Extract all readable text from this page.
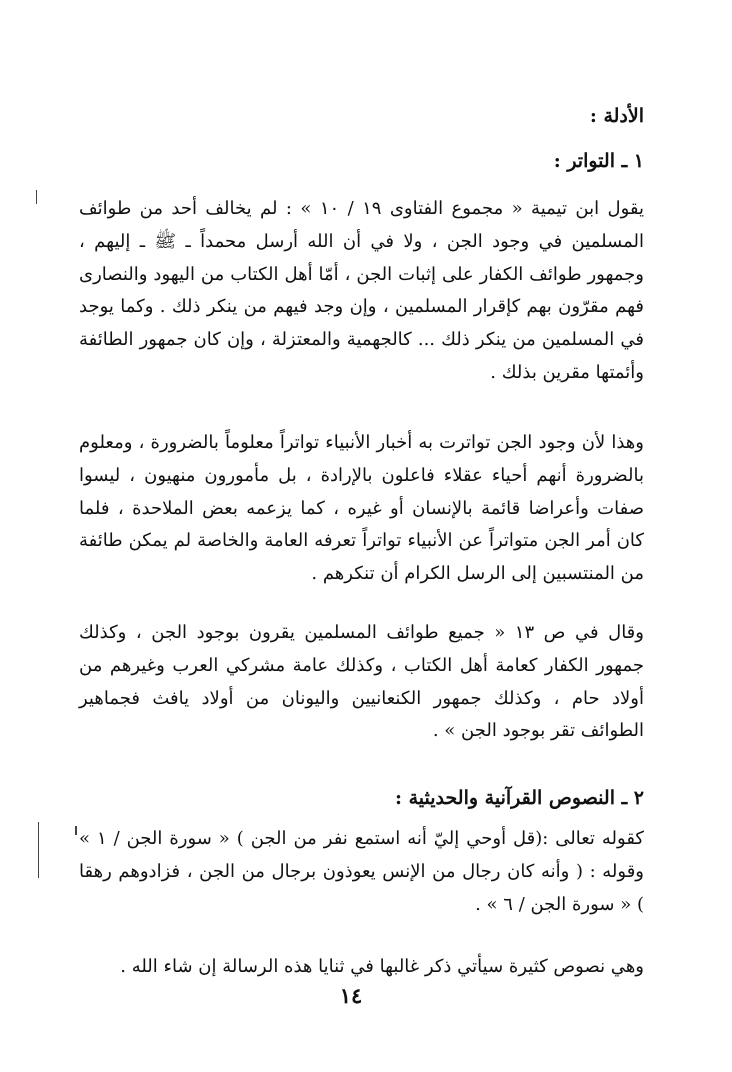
الأدلة :
١ ـ التواتر :
يقول ابن تيمية « مجموع الفتاوى ١٩ / ١٠ » : لم يخالف أحد من طوائف المسلمين في وجود الجن ، ولا في أن الله أرسل محمداً ـ ﷺ ـ إليهم ، وجمهور طوائف الكفار على إثبات الجن ، أمّا أهل الكتاب من اليهود والنصارى فهم مقرّون بهم كإقرار المسلمين ، وإن وجد فيهم من ينكر ذلك . وكما يوجد في المسلمين من ينكر ذلك ... كالجهمية والمعتزلة ، وإن كان جمهور الطائفة وأئمتها مقرين بذلك .
وهذا لأن وجود الجن تواترت به أخبار الأنبياء تواتراً معلوماً بالضرورة ، ومعلوم بالضرورة أنهم أحياء عقلاء فاعلون بالإرادة ، بل مأمورون منهيون ، ليسوا صفات وأعراضا قائمة بالإنسان أو غيره ، كما يزعمه بعض الملاحدة ، فلما كان أمر الجن متواتراً عن الأنبياء تواتراً تعرفه العامة والخاصة لم يمكن طائفة من المنتسبين إلى الرسل الكرام أن تنكرهم .
وقال في ص ١٣ « جميع طوائف المسلمين يقرون بوجود الجن ، وكذلك جمهور الكفار كعامة أهل الكتاب ، وكذلك عامة مشركي العرب وغيرهم من أولاد حام ، وكذلك جمهور الكنعانيين واليونان من أولاد يافث فجماهير الطوائف تقر بوجود الجن » .
٢ ـ النصوص القرآنية والحديثية :
كقوله تعالى :(قل أوحي إليّ أنه استمع نفر من الجن ) « سورة الجن / ١ » وقوله : ( وأنه كان رجال من الإنس يعوذون برجال من الجن ، فزادوهم رهقا ) « سورة الجن / ٦ » .
وهي نصوص كثيرة سيأتي ذكر غالبها في ثنايا هذه الرسالة إن شاء الله .
١٤
